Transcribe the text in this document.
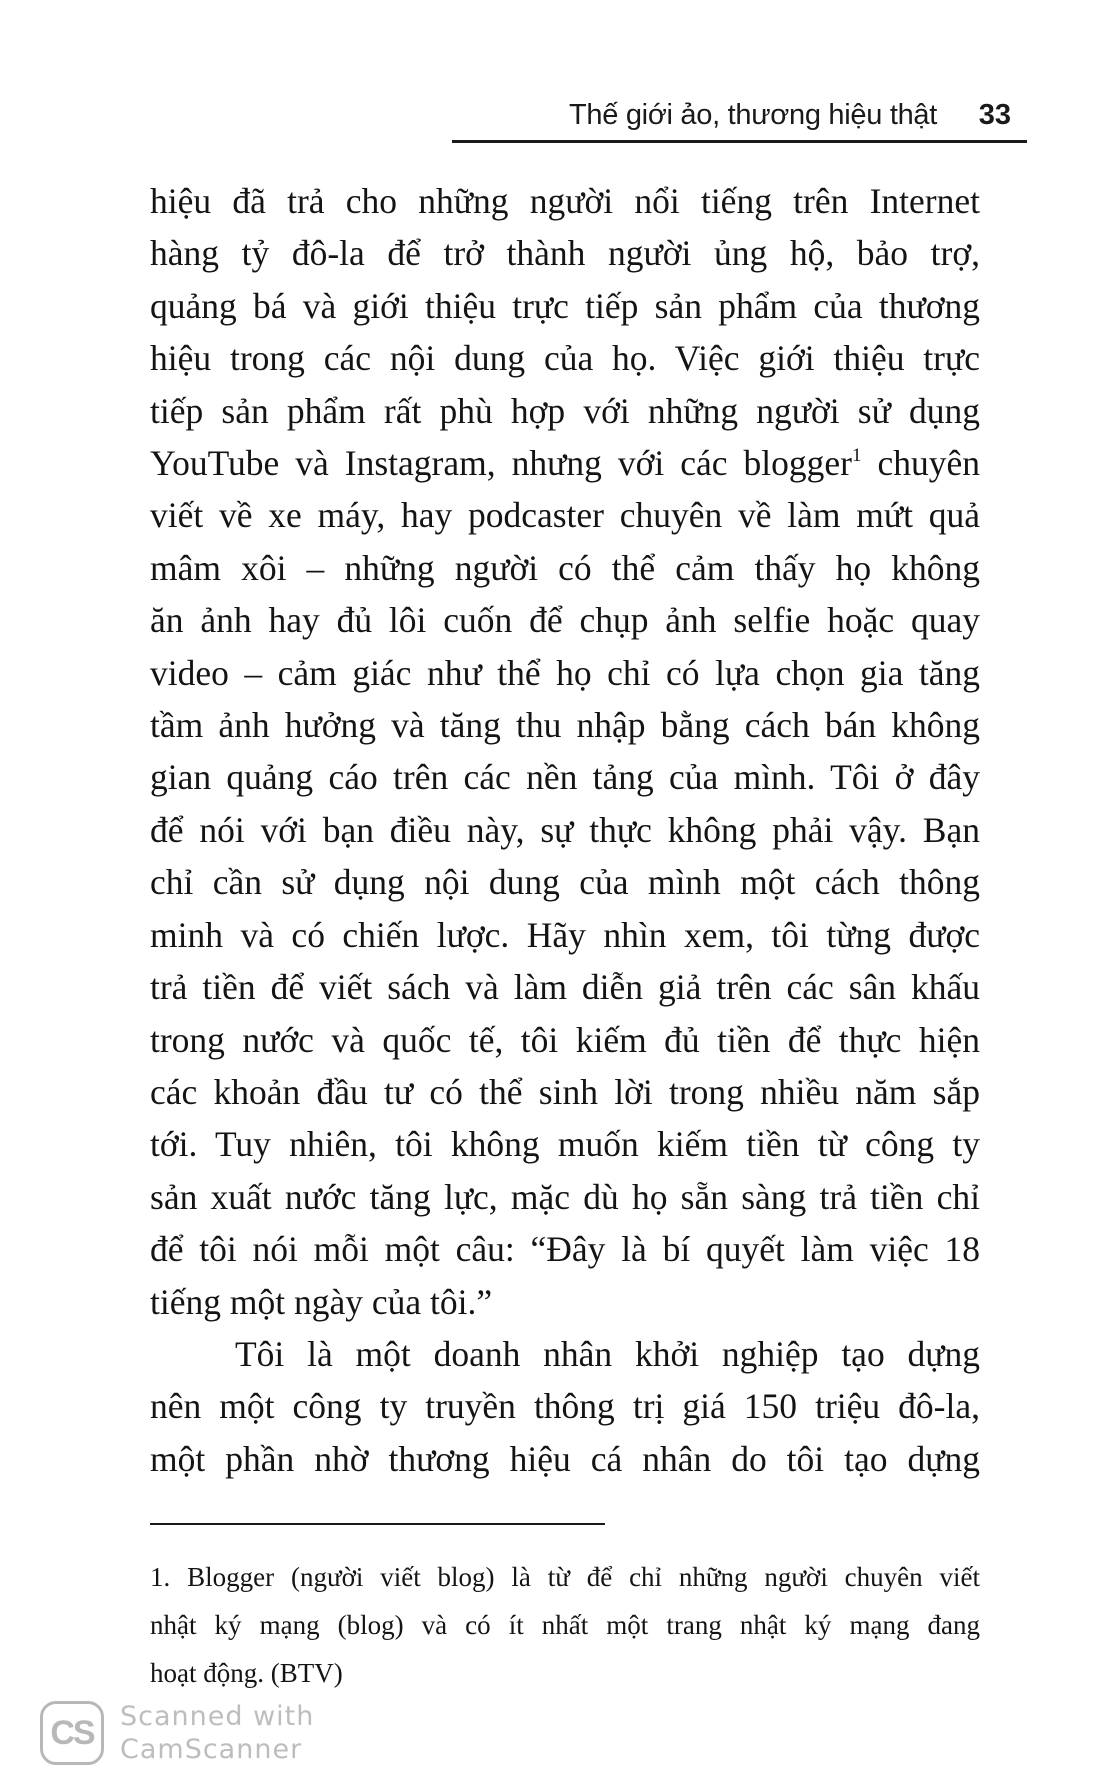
Thế giới ảo, thương hiệu thật 33

hiệu đã trả cho những người nổi tiếng trên Internet
hàng tỷ đô-la để trở thành người ủng hộ, bảo trợ,
quảng bá và giới thiệu trực tiếp sản phẩm của thương
hiệu trong các nội dung của họ. Việc giới thiệu trực
tiếp sản phẩm rất phù hợp với những người sử dụng
YouTube và Instagram, nhưng với các blogger$^1$ chuyên
viết về xe máy, hay podcaster chuyên về làm mứt quả
mâm xôi – những người có thể cảm thấy họ không
ăn ảnh hay đủ lôi cuốn để chụp ảnh selfie hoặc quay
video – cảm giác như thể họ chỉ có lựa chọn gia tăng
tầm ảnh hưởng và tăng thu nhập bằng cách bán không
gian quảng cáo trên các nền tảng của mình. Tôi ở đây
để nói với bạn điều này, sự thực không phải vậy. Bạn
chỉ cần sử dụng nội dung của mình một cách thông
minh và có chiến lược. Hãy nhìn xem, tôi từng được
trả tiền để viết sách và làm diễn giả trên các sân khấu
trong nước và quốc tế, tôi kiếm đủ tiền để thực hiện
các khoản đầu tư có thể sinh lời trong nhiều năm sắp
tới. Tuy nhiên, tôi không muốn kiếm tiền từ công ty
sản xuất nước tăng lực, mặc dù họ sẵn sàng trả tiền chỉ
để tôi nói mỗi một câu: “Đây là bí quyết làm việc 18
tiếng một ngày của tôi.”

Tôi là một doanh nhân khởi nghiệp tạo dựng
nên một công ty truyền thông trị giá 150 triệu đô-la,
một phần nhờ thương hiệu cá nhân do tôi tạo dựng

1. Blogger (người viết blog) là từ để chỉ những người chuyên viết
nhật ký mạng (blog) và có ít nhất một trang nhật ký mạng đang
hoạt động. (BTV)
CS Scanned with
CamScanner
